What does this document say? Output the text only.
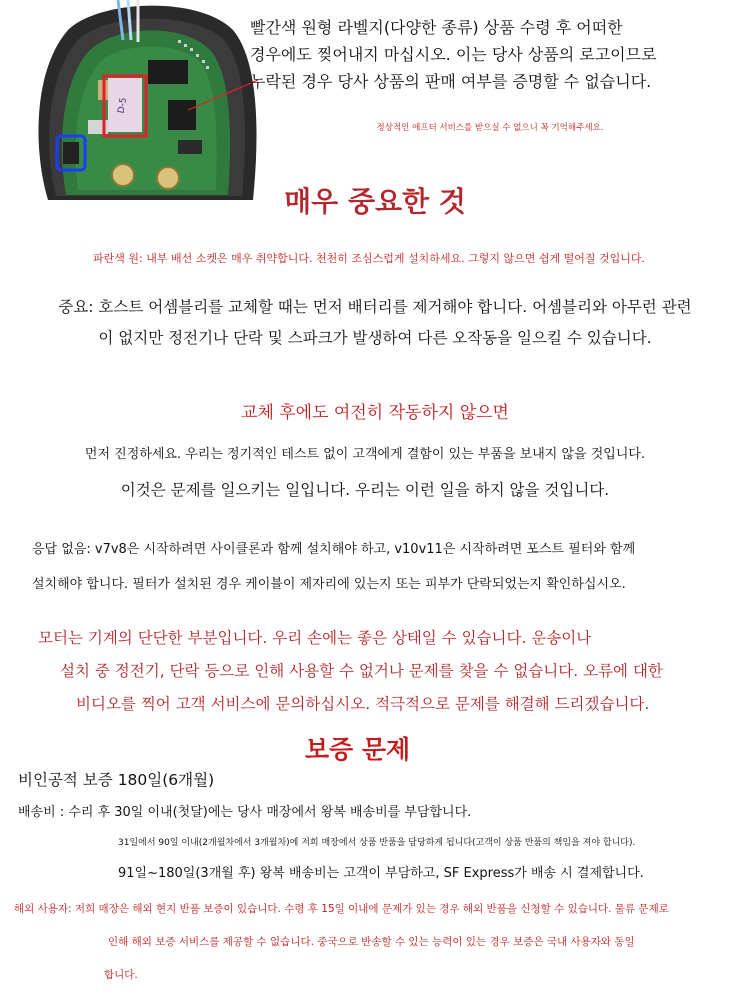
D-5
빨간색 원형 라벨지(다양한 종류) 상품 수령 후 어떠한
경우에도 찢어내지 마십시오. 이는 당사 상품의 로고이므로
누락된 경우 당사 상품의 판매 여부를 증명할 수 없습니다.
정상적인 애프터 서비스를 받으실 수 없으니 꼭 기억해주세요.
매우 중요한 것
파란색 원: 내부 배선 소켓은 매우 취약합니다. 천천히 조심스럽게 설치하세요. 그렇지 않으면 쉽게 떨어질 것입니다.
중요: 호스트 어셈블리를 교체할 때는 먼저 배터리를 제거해야 합니다. 어셈블리와 아무런 관련
이 없지만 정전기나 단락 및 스파크가 발생하여 다른 오작동을 일으킬 수 있습니다.
교체 후에도 여전히 작동하지 않으면
먼저 진정하세요. 우리는 정기적인 테스트 없이 고객에게 결함이 있는 부품을 보내지 않을 것입니다.
이것은 문제를 일으키는 일입니다. 우리는 이런 일을 하지 않을 것입니다.
응답 없음: v7v8은 시작하려면 사이클론과 함께 설치해야 하고, v10v11은 시작하려면 포스트 필터와 함께
설치해야 합니다. 필터가 설치된 경우 케이블이 제자리에 있는지 또는 피부가 단락되었는지 확인하십시오.
모터는 기계의 단단한 부분입니다. 우리 손에는 좋은 상태일 수 있습니다. 운송이나
설치 중 정전기, 단락 등으로 인해 사용할 수 없거나 문제를 찾을 수 없습니다. 오류에 대한
비디오를 찍어 고객 서비스에 문의하십시오. 적극적으로 문제를 해결해 드리겠습니다.
보증 문제
비인공적 보증 180일(6개월)
배송비 : 수리 후 30일 이내(첫달)에는 당사 매장에서 왕복 배송비를 부담합니다.
31일에서 90일 이내(2개월차에서 3개월차)에 저희 매장에서 상품 반품을 담당하게 됩니다(고객이 상품 반품의 책임을 져야 합니다).
91일~180일(3개월 후) 왕복 배송비는 고객이 부담하고, SF Express가 배송 시 결제합니다.
해외 사용자: 저희 매장은 해외 현지 반품 보증이 있습니다. 수령 후 15일 이내에 문제가 있는 경우 해외 반품을 신청할 수 있습니다. 물류 문제로
인해 해외 보증 서비스를 제공할 수 없습니다. 중국으로 반송할 수 있는 능력이 있는 경우 보증은 국내 사용자와 동일
합니다.
